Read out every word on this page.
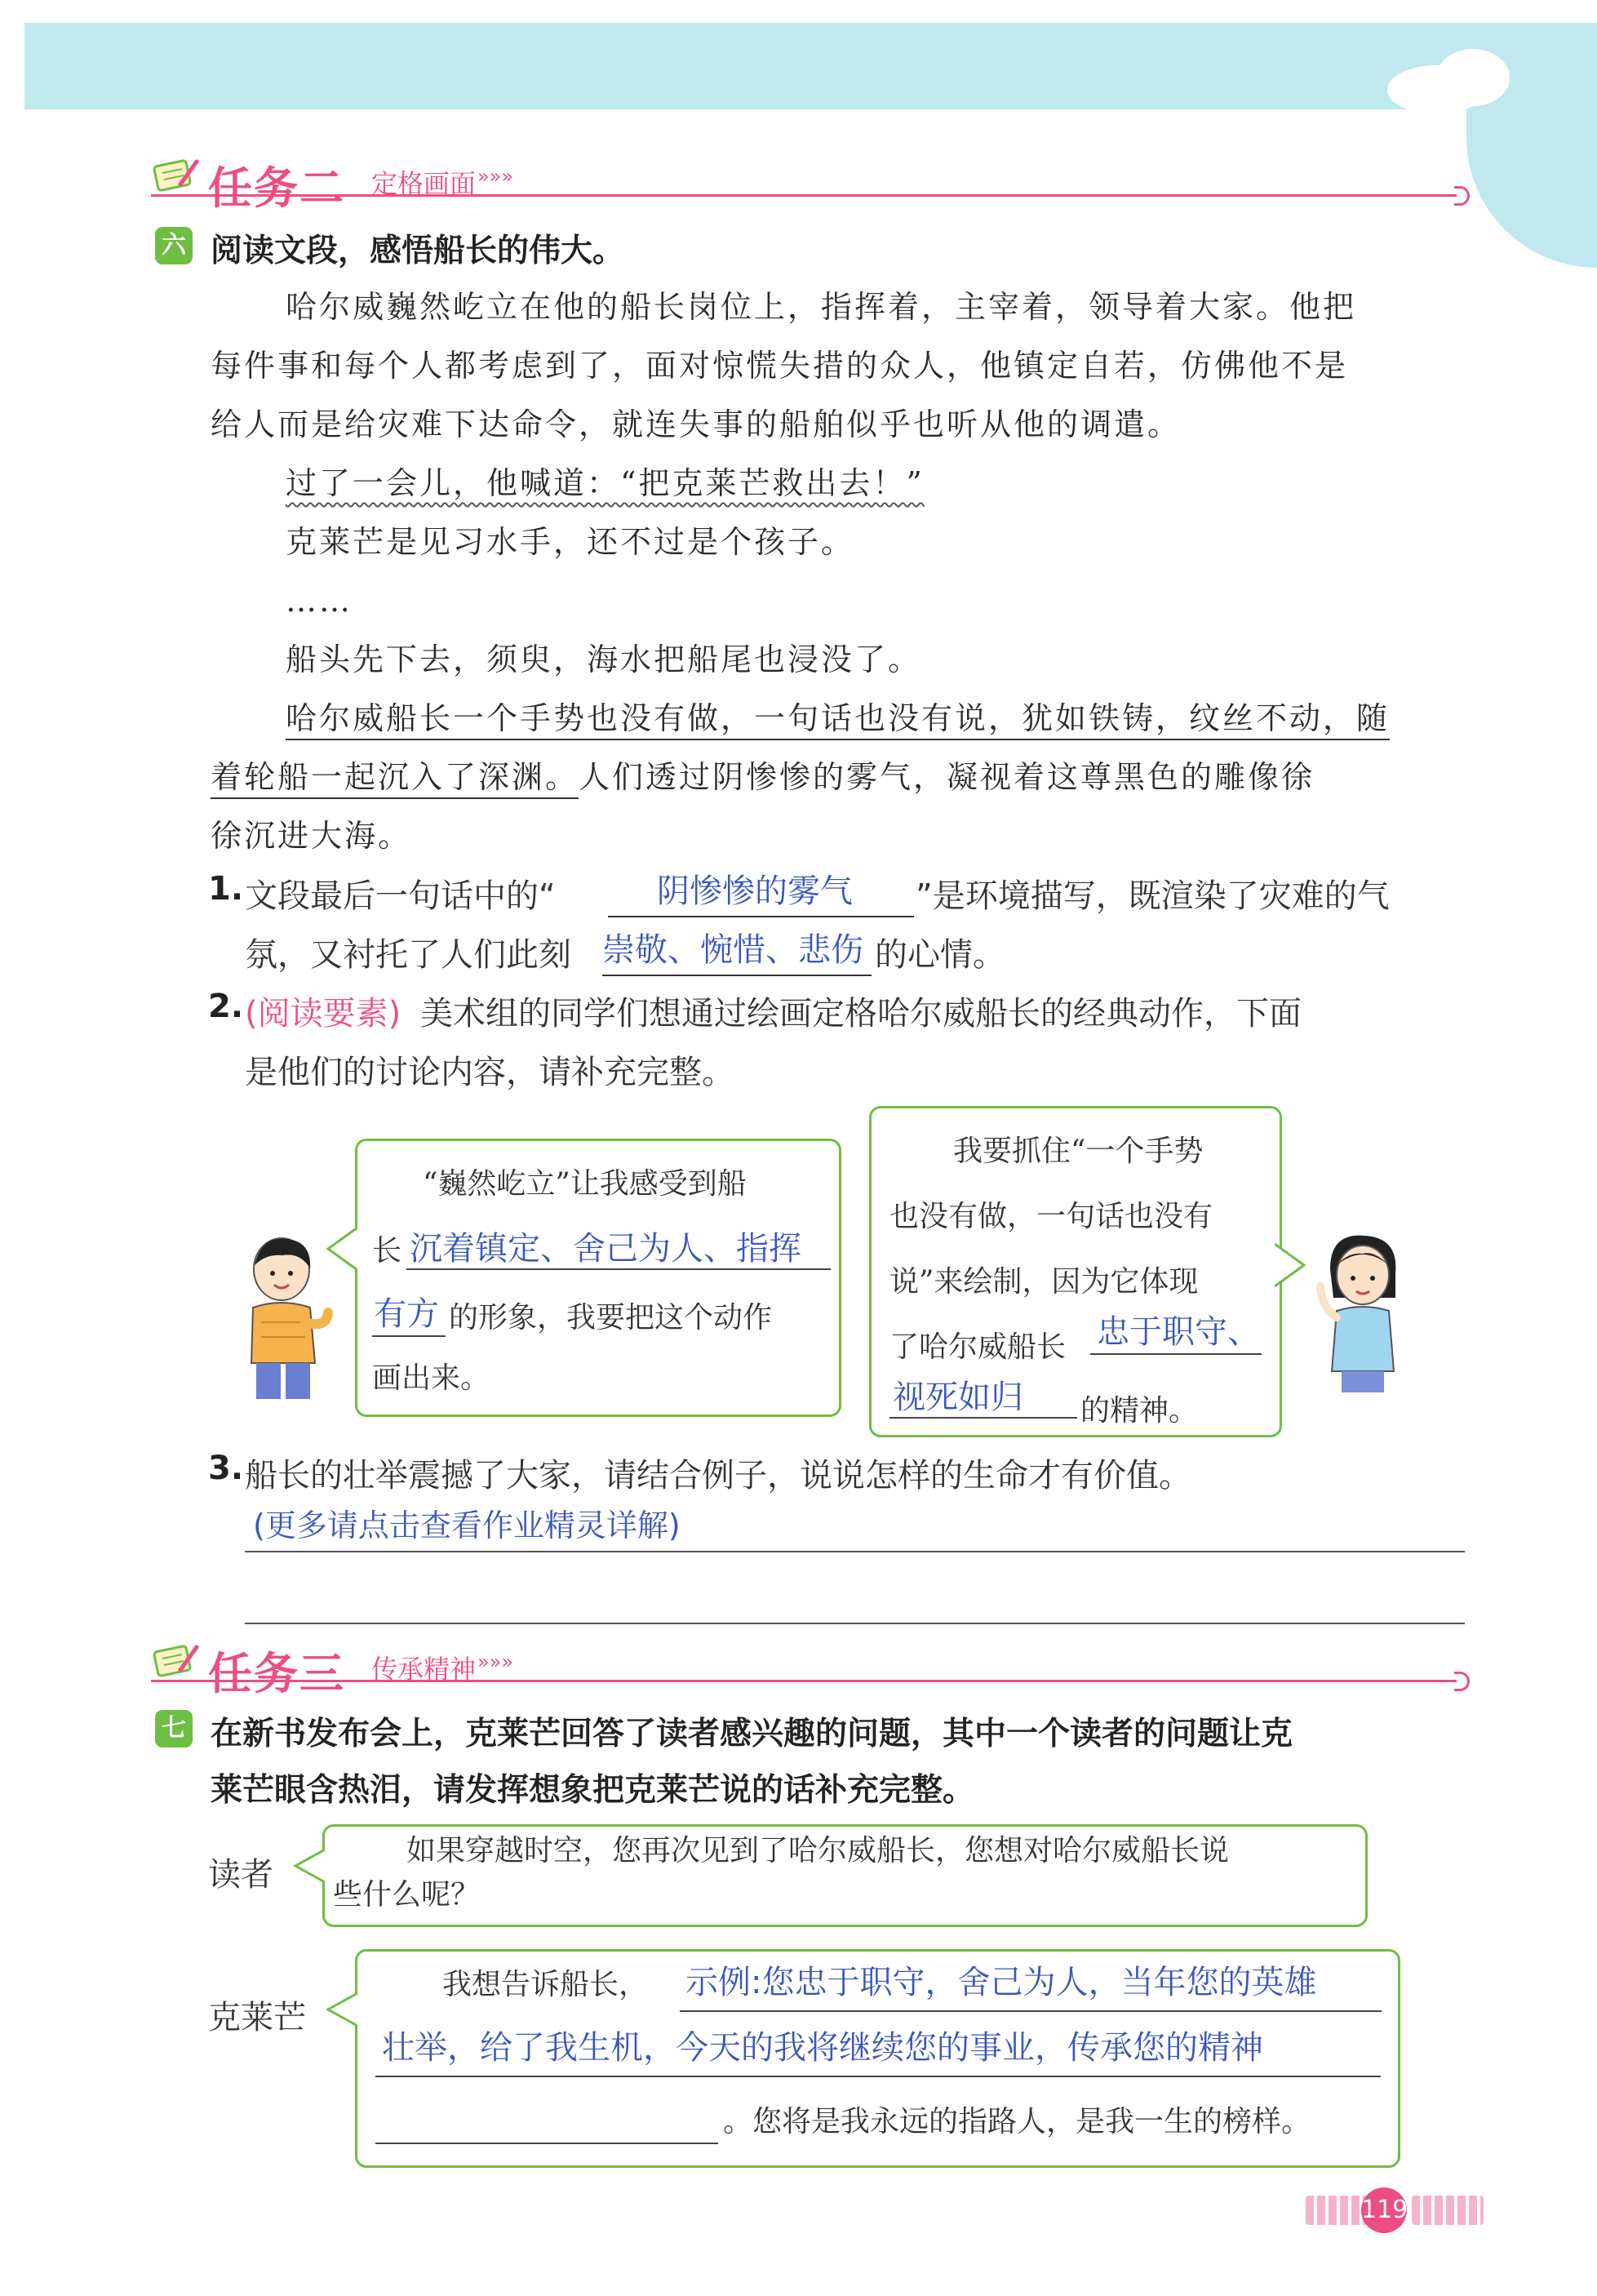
任务二 定格画面 »»»
六 阅读文段，感悟船长的伟大。
哈尔威巍然屹立在他的船长岗位上，指挥着，主宰着，领导着大家。他把
每件事和每个人都考虑到了，面对惊慌失措的众人，他镇定自若，仿佛他不是
给人而是给灾难下达命令，就连失事的船舶似乎也听从他的调遣。
过了一会儿，他喊道：“把克莱芒救出去！”
克莱芒是见习水手，还不过是个孩子。
……
船头先下去，须臾，海水把船尾也浸没了。
哈尔威船长一个手势也没有做，一句话也没有说，犹如铁铸，纹丝不动，随
着轮船一起沉入了深渊。人们透过阴惨惨的雾气，凝视着这尊黑色的雕像徐
徐沉进大海。
1. 文段最后一句话中的“	阴惨惨的雾气 ”是环境描写，既渲染了灾难的气
氛，又衬托了人们此刻 崇敬、惋惜、悲伤 的心情。
2. (阅读要素) 美术组的同学们想通过绘画定格哈尔威船长的经典动作，下面
是他们的讨论内容，请补充完整。
“巍然屹立”让我感受到船
长 沉着镇定、舍己为人、指挥
有方 的形象，我要把这个动作
画出来。
我要抓住“一个手势
也没有做，一句话也没有
说”来绘制，因为它体现
了哈尔威船长 忠于职守、
视死如归 的精神。
3. 船长的壮举震撼了大家，请结合例子，说说怎样的生命才有价值。
(更多请点击查看作业精灵详解)
任务三 传承精神 »»»
七 在新书发布会上，克莱芒回答了读者感兴趣的问题，其中一个读者的问题让克
莱芒眼含热泪，请发挥想象把克莱芒说的话补充完整。
读者
如果穿越时空，您再次见到了哈尔威船长，您想对哈尔威船长说
些什么呢？
克莱芒
我想告诉船长， 示例:您忠于职守，舍己为人，当年您的英雄
壮举，给了我生机，今天的我将继续您的事业，传承您的精神
。您将是我永远的指路人，是我一生的榜样。
119
